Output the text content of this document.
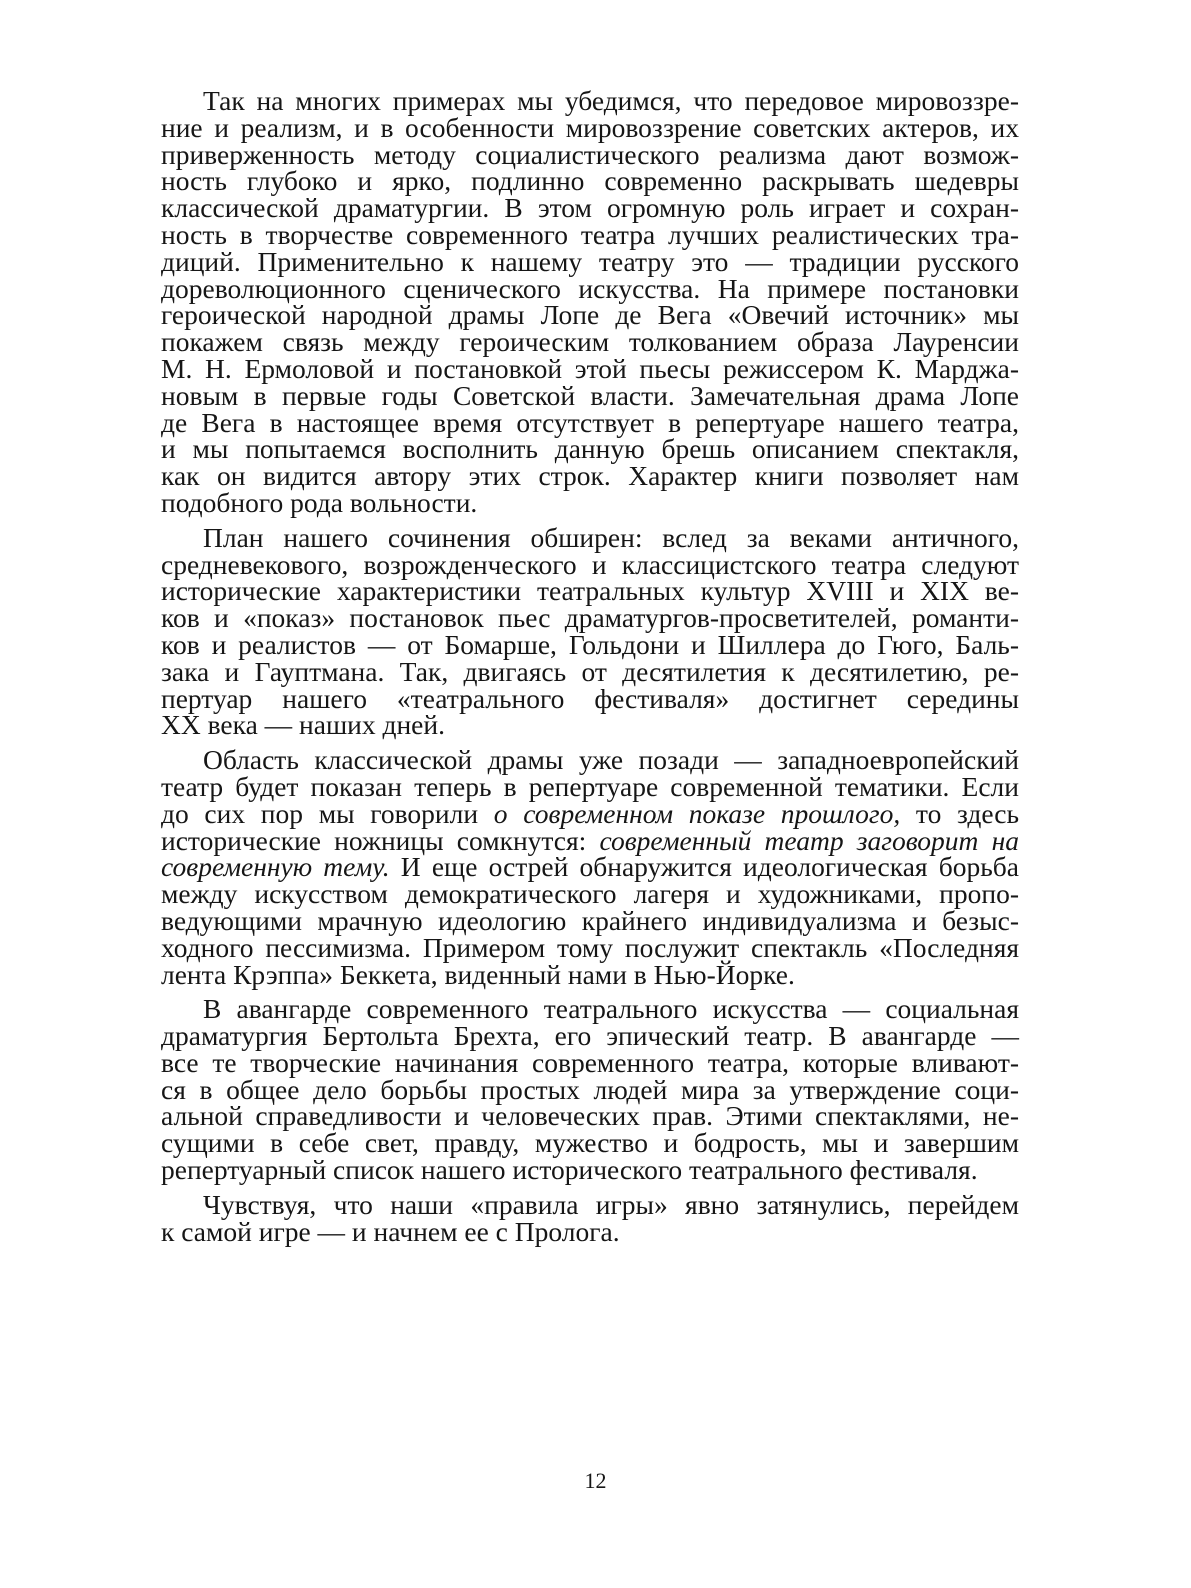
Так на многих примерах мы убедимся, что передовое мировоззре-
ние и реализм, и в особенности мировоззрение советских актеров, их
приверженность методу социалистического реализма дают возмож-
ность глубоко и ярко, подлинно современно раскрывать шедевры
классической драматургии. В этом огромную роль играет и сохран-
ность в творчестве современного театра лучших реалистических тра-
диций. Применительно к нашему театру это — традиции русского
дореволюционного сценического искусства. На примере постановки
героической народной драмы Лопе де Вега «Овечий источник» мы
покажем связь между героическим толкованием образа Лауренсии
М. Н. Ермоловой и постановкой этой пьесы режиссером К. Марджа-
новым в первые годы Советской власти. Замечательная драма Лопе
де Вега в настоящее время отсутствует в репертуаре нашего театра,
и мы попытаемся восполнить данную брешь описанием спектакля,
как он видится автору этих строк. Характер книги позволяет нам
подобного рода вольности.

План нашего сочинения обширен: вслед за веками античного,
средневекового, возрожденческого и классицистского театра следуют
исторические характеристики театральных культур XVIII и XIX ве-
ков и «показ» постановок пьес драматургов-просветителей, романти-
ков и реалистов — от Бомарше, Гольдони и Шиллера до Гюго, Баль-
зака и Гауптмана. Так, двигаясь от десятилетия к десятилетию, ре-
пертуар нашего «театрального фестиваля» достигнет середины
XX века — наших дней.

Область классической драмы уже позади — западноевропейский
театр будет показан теперь в репертуаре современной тематики. Если
до сих пор мы говорили о современном показе прошлого, то здесь
исторические ножницы сомкнутся: современный театр заговорит на
современную тему. И еще острей обнаружится идеологическая борьба
между искусством демократического лагеря и художниками, пропо-
ведующими мрачную идеологию крайнего индивидуализма и безыс-
ходного пессимизма. Примером тому послужит спектакль «Последняя
лента Крэппа» Беккета, виденный нами в Нью-Йорке.

В авангарде современного театрального искусства — социальная
драматургия Бертольта Брехта, его эпический театр. В авангарде —
все те творческие начинания современного театра, которые вливают-
ся в общее дело борьбы простых людей мира за утверждение соци-
альной справедливости и человеческих прав. Этими спектаклями, не-
сущими в себе свет, правду, мужество и бодрость, мы и завершим
репертуарный список нашего исторического театрального фестиваля.

Чувствуя, что наши «правила игры» явно затянулись, перейдем
к самой игре — и начнем ее с Пролога.

12
